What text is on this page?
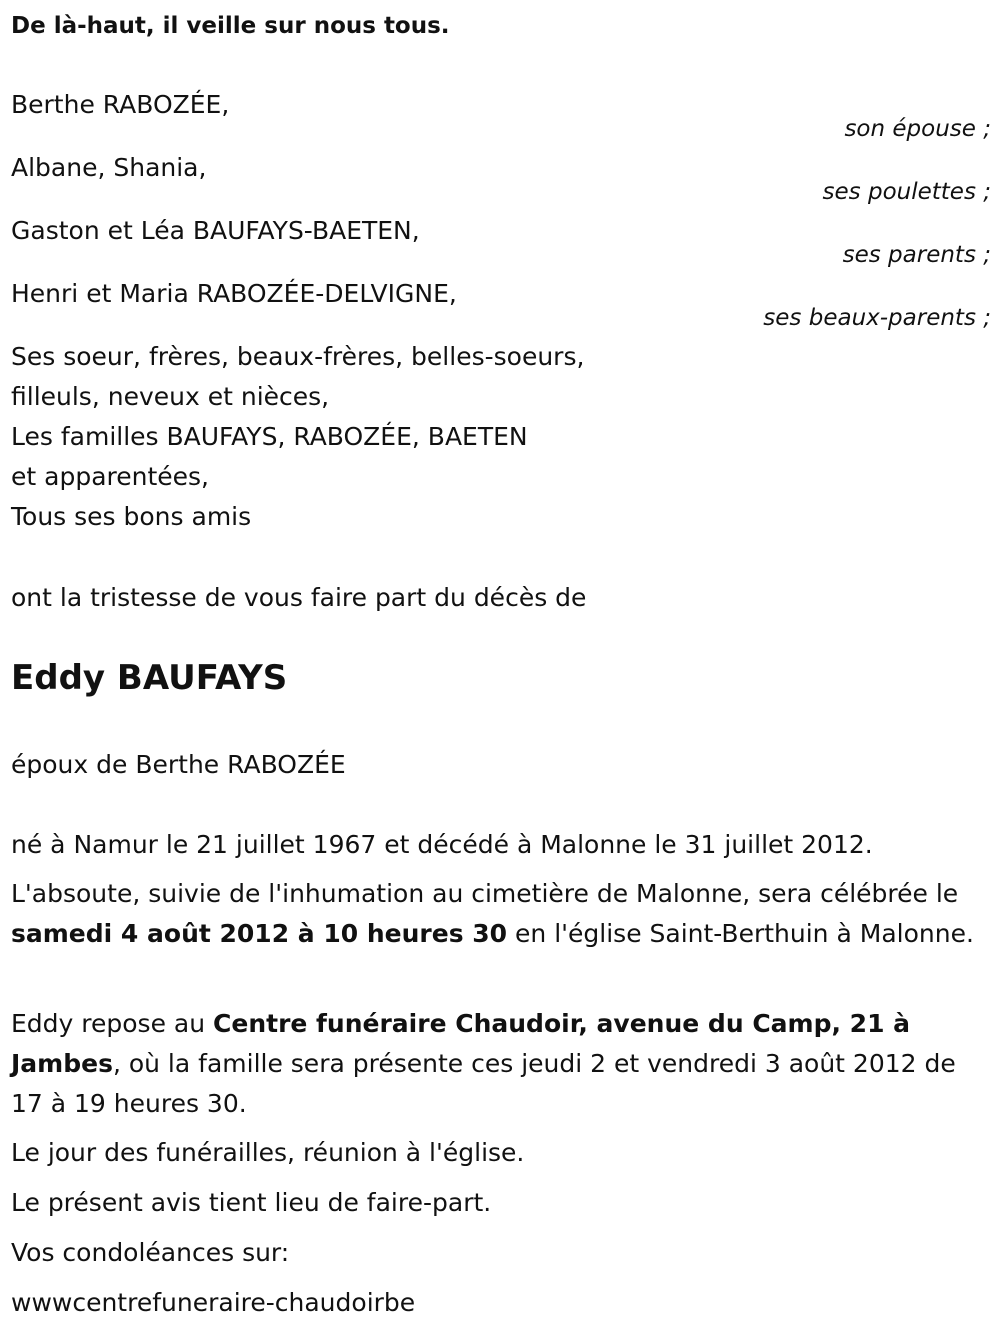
De là-haut, il veille sur nous tous.
Berthe RABOZÉE,
son épouse ;
Albane, Shania,
ses poulettes ;
Gaston et Léa BAUFAYS-BAETEN,
ses parents ;
Henri et Maria RABOZÉE-DELVIGNE,
ses beaux-parents ;
Ses soeur, frères, beaux-frères, belles-soeurs,
filleuls, neveux et nièces,
Les familles BAUFAYS, RABOZÉE, BAETEN
et apparentées,
Tous ses bons amis
ont la tristesse de vous faire part du décès de
Eddy BAUFAYS
époux de Berthe RABOZÉE
né à Namur le 21 juillet 1967 et décédé à Malonne le 31 juillet 2012.
L'absoute, suivie de l'inhumation au cimetière de Malonne, sera célébrée le samedi 4 août 2012 à 10 heures 30 en l'église Saint-Berthuin à Malonne.
Eddy repose au Centre funéraire Chaudoir, avenue du Camp, 21 à Jambes, où la famille sera présente ces jeudi 2 et vendredi 3 août 2012 de 17 à 19 heures 30.
Le jour des funérailles, réunion à l'église.
Le présent avis tient lieu de faire-part.
Vos condoléances sur:
wwwcentrefuneraire-chaudoirbe
